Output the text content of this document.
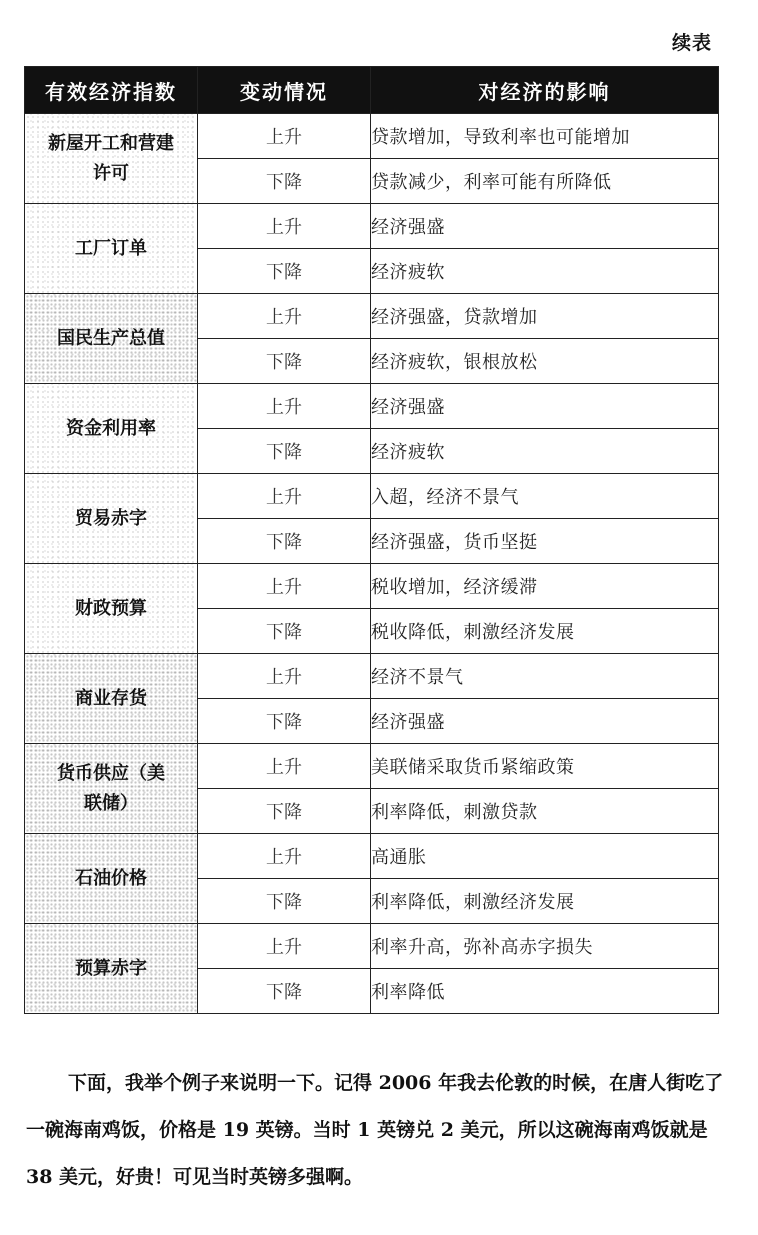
续表
有效经济指数	变动情况	对经济的影响

新屋开工和营建许可	上升	贷款增加，导致利率也可能增加
	下降	贷款减少，利率可能有所降低
工厂订单	上升	经济强盛
	下降	经济疲软
国民生产总值	上升	经济强盛，贷款增加
	下降	经济疲软，银根放松
资金利用率	上升	经济强盛
	下降	经济疲软
贸易赤字	上升	入超，经济不景气
	下降	经济强盛，货币坚挺
财政预算	上升	税收增加，经济缓滞
	下降	税收降低，刺激经济发展
商业存货	上升	经济不景气
	下降	经济强盛

货币供应（美联储）	上升	美联储采取货币紧缩政策
	下降	利率降低，刺激贷款
石油价格	上升	高通胀
	下降	利率降低，刺激经济发展
预算赤字	上升	利率升高，弥补高赤字损失
	下降	利率降低

下面，我举个例子来说明一下。记得 2006 年我去伦敦的时候，在唐人街吃了一碗海南鸡饭，价格是 19 英镑。当时 1 英镑兑 2 美元，所以这碗海南鸡饭就是 38 美元，好贵！可见当时英镑多强啊。
